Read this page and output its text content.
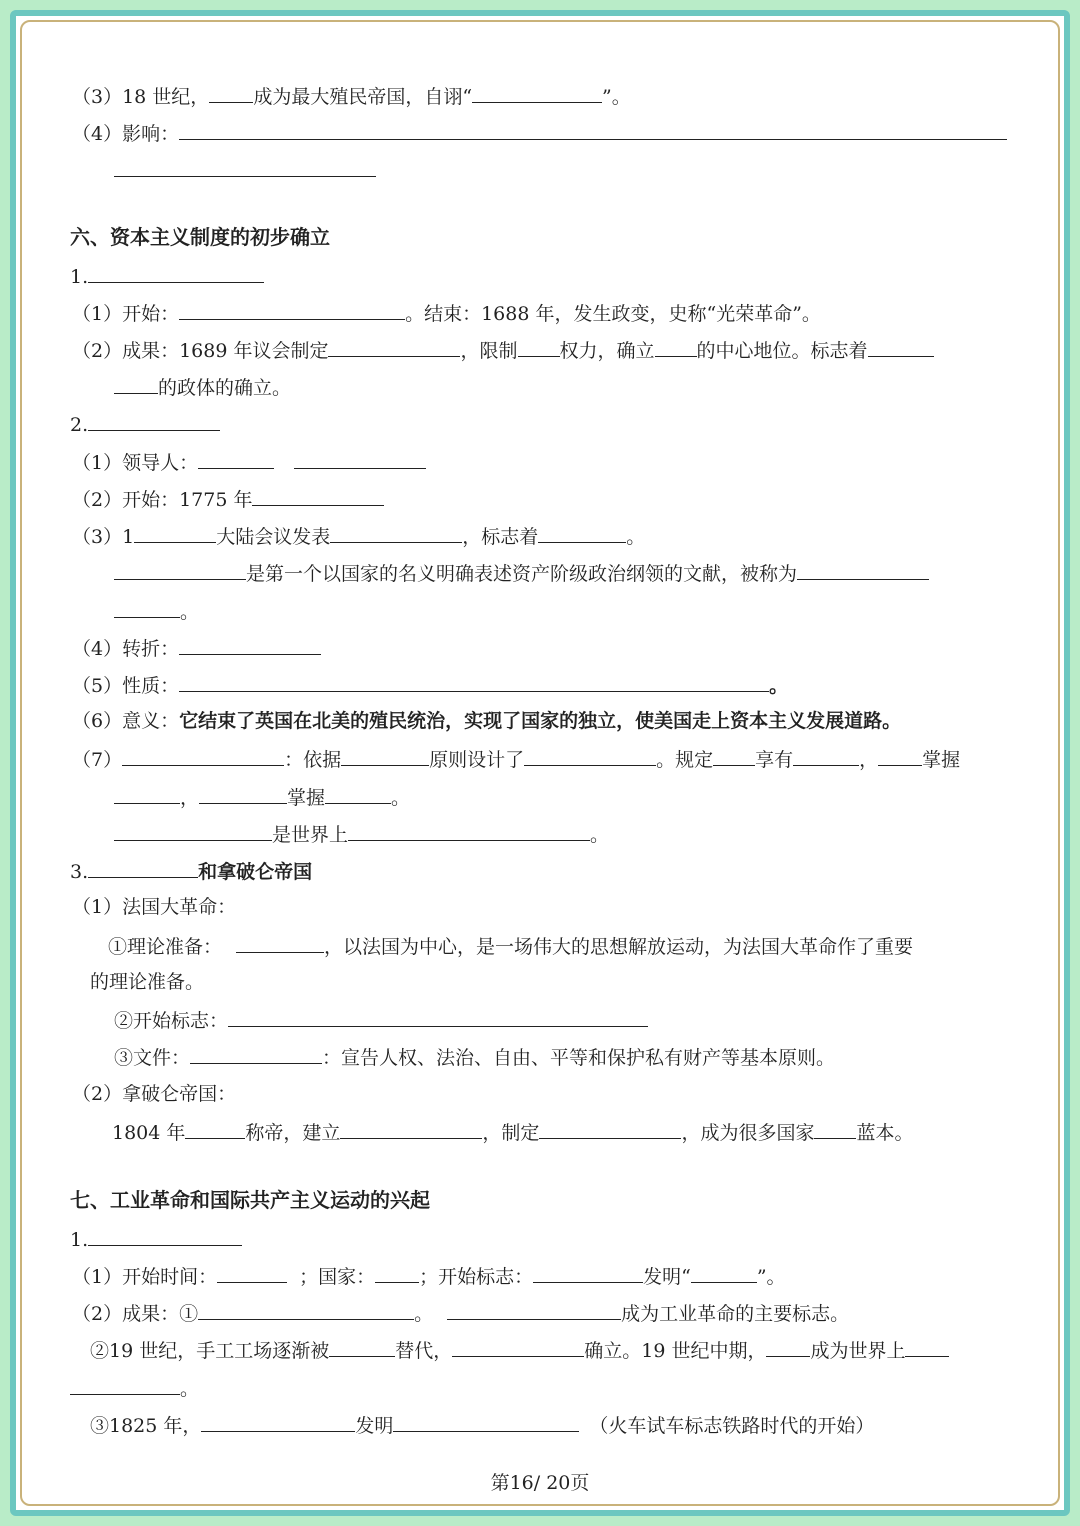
（3）18 世纪， 成为最大殖民帝国，自诩“	”。
（4）影响：
六、资本主义制度的初步确立
1.
（1）开始：	。结束：1688 年，发生政变，史称“光荣革命”。
（2）成果：1689 年议会制定	，限制 权力，确立 的中心地位。标志着
的政体的确立。
2.
（1）领导人：
（2）开始：1775 年
（3）1	大陆会议发表	，标志着	。
是第一个以国家的名义明确表述资产阶级政治纲领的文献，被称为
。
（4）转折：
（5）性质：	。
（6）意义：它结束了英国在北美的殖民统治，实现了国家的独立，使美国走上资本主义发展道路。
（7）	：依据	原则设计了	。规定 享有	， 掌握
，	掌握	。
是世界上	。
3.	和拿破仑帝国
（1）法国大革命：
①理论准备：	，以法国为中心，是一场伟大的思想解放运动，为法国大革命作了重要
的理论准备。
②开始标志：
③文件：	：宣告人权、法治、自由、平等和保护私有财产等基本原则。
（2）拿破仑帝国：
1804 年	称帝，建立	，制定	，成为很多国家 蓝本。
七、工业革命和国际共产主义运动的兴起
1.
（1）开始时间：	；国家： ；开始标志：	发明“	”。
（2）成果：①	。	成为工业革命的主要标志。
②19 世纪，手工工场逐渐被	替代，	确立。19 世纪中期， 成为世界上
。
③1825 年，	发明	（火车试车标志铁路时代的开始）
第16/ 20页
